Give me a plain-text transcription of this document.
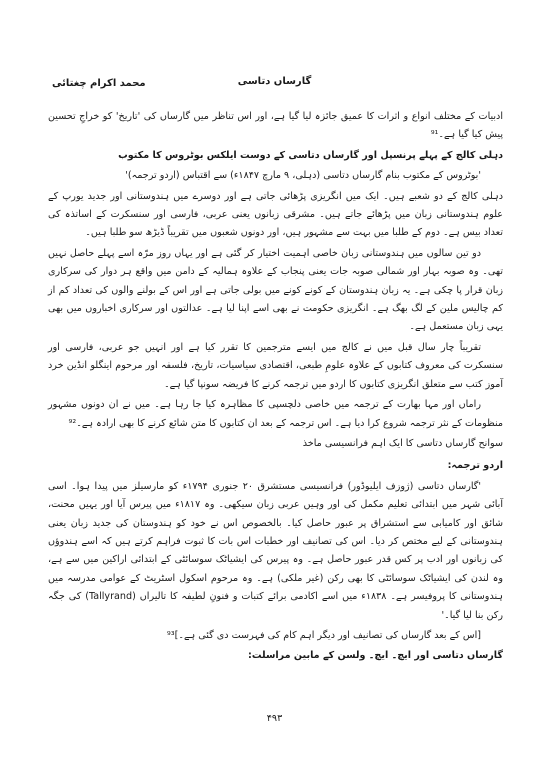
محمد اکرام چغتائی	گارساں دتاسی

ادبیات کے مختلف انواع و اثرات کا عمیق جائزہ لیا گیا ہے، اور اس تناظر میں گارساں کی 'تاریخ' کو خراجِ تحسین پیش کیا گیا ہے۔⁹¹

دہلی کالج کے پہلے پرنسپل اور گارساں دتاسی کے دوست ایلکس بوٹروس کا مکتوب

'بوٹروس کے مکتوب بنام گارساں دتاسی (دہلی، ۹ مارچ ۱۸۴۷ء) سے اقتباس (اردو ترجمہ)'

دہلی کالج کے دو شعبے ہیں۔ ایک میں انگریزی پڑھائی جاتی ہے اور دوسرے میں ہندوستانی اور جدید یورپ کے علوم ہندوستانی زبان میں پڑھائے جاتے ہیں۔ مشرقی زبانوں یعنی عربی، فارسی اور سنسکرت کے اساتذہ کی تعداد بیس ہے۔ دوم کے طلبا میں بہت سے مشہور ہیں، اور دونوں شعبوں میں تقریباً ڈیڑھ سو طلبا ہیں۔

دو تین سالوں میں ہندوستانی زبان خاصی اہمیت اختیار کر گئی ہے اور یہاں روز مرّہ اسے پہلے حاصل نہیں تھی۔ وہ صوبہ بہار اور شمالی صوبہ جات یعنی پنجاب کے علاوہ ہمالیہ کے دامن میں واقع ہر دوار کی سرکاری زبان قرار پا چکی ہے۔ یہ زبان ہندوستان کے کونے کونے میں بولی جاتی ہے اور اس کے بولنے والوں کی تعداد کم از کم چالیس ملین کے لگ بھگ ہے۔ انگریزی حکومت نے بھی اسے اپنا لیا ہے۔ عدالتوں اور سرکاری اخباروں میں بھی یہی زبان مستعمل ہے۔

تقریباً چار سال قبل میں نے کالج میں ایسے مترجمین کا تقرر کیا ہے اور انہیں جو عربی، فارسی اور سنسکرت کی معروف کتابوں کے علاوہ علومِ طبعی، اقتصادی سیاسیات، تاریخ، فلسفہ اور مرحوم اینگلو انڈین خرد آموز کتب سے متعلق انگریزی کتابوں کا اردو میں ترجمہ کرنے کا فریضہ سونپا گیا ہے۔

راماں اور مہا بھارت کے ترجمہ میں خاصی دلچسپی کا مظاہرہ کیا جا رہا ہے۔ میں نے ان دونوں مشہور منظومات کے نثر ترجمہ شروع کرا دیا ہے۔ اس ترجمہ کے بعد ان کتابوں کا متن شائع کرنے کا بھی ارادہ ہے۔⁹²

سوانح گارساں دتاسی کا ایک اہم فرانسیسی ماخذ

اردو ترجمہ:

'گارساں دتاسی (ژوزف ایلیوڈور) فرانسیسی مستشرق ۲۰ جنوری ۱۷۹۴ء کو مارسیلز میں پیدا ہوا۔ اسی آبائی شہر میں ابتدائی تعلیم مکمل کی اور وہیں عربی زبان سیکھی۔ وہ ۱۸۱۷ء میں پیرس آیا اور یہیں محنت، شائق اور کامیابی سے استشراق پر عبور حاصل کیا۔ بالخصوص اس نے خود کو ہندوستان کی جدید زبان یعنی ہندوستانی کے لیے مختص کر دیا۔ اس کی تصانیف اور خطبات اس بات کا ثبوت فراہم کرتے ہیں کہ اسے ہندوؤں کی زبانوں اور ادب پر کس قدر عبور حاصل ہے۔ وہ پیرس کی ایشیاٹک سوسائٹی کے ابتدائی اراکین میں سے ہے، وہ لندن کی ایشیاٹک سوسائٹی کا بھی رکن (غیر ملکی) ہے۔ وہ مرحوم اسکول اسٹریٹ کے عوامی مدرسہ میں ہندوستانی کا پروفیسر ہے۔ ۱۸۳۸ء میں اسے اکادمی برائے کتبات و فنونِ لطیفہ کا تالیراں (Tallyrand) کی جگہ رکن بنا لیا گیا۔'

[اس کے بعد گارساں کی تصانیف اور دیگر اہم کام کی فہرست دی گئی ہے۔]⁹³

گارساں دتاسی اور ایچ۔ ایچ۔ ولسن کے مابین مراسلت:

۴۹۳
